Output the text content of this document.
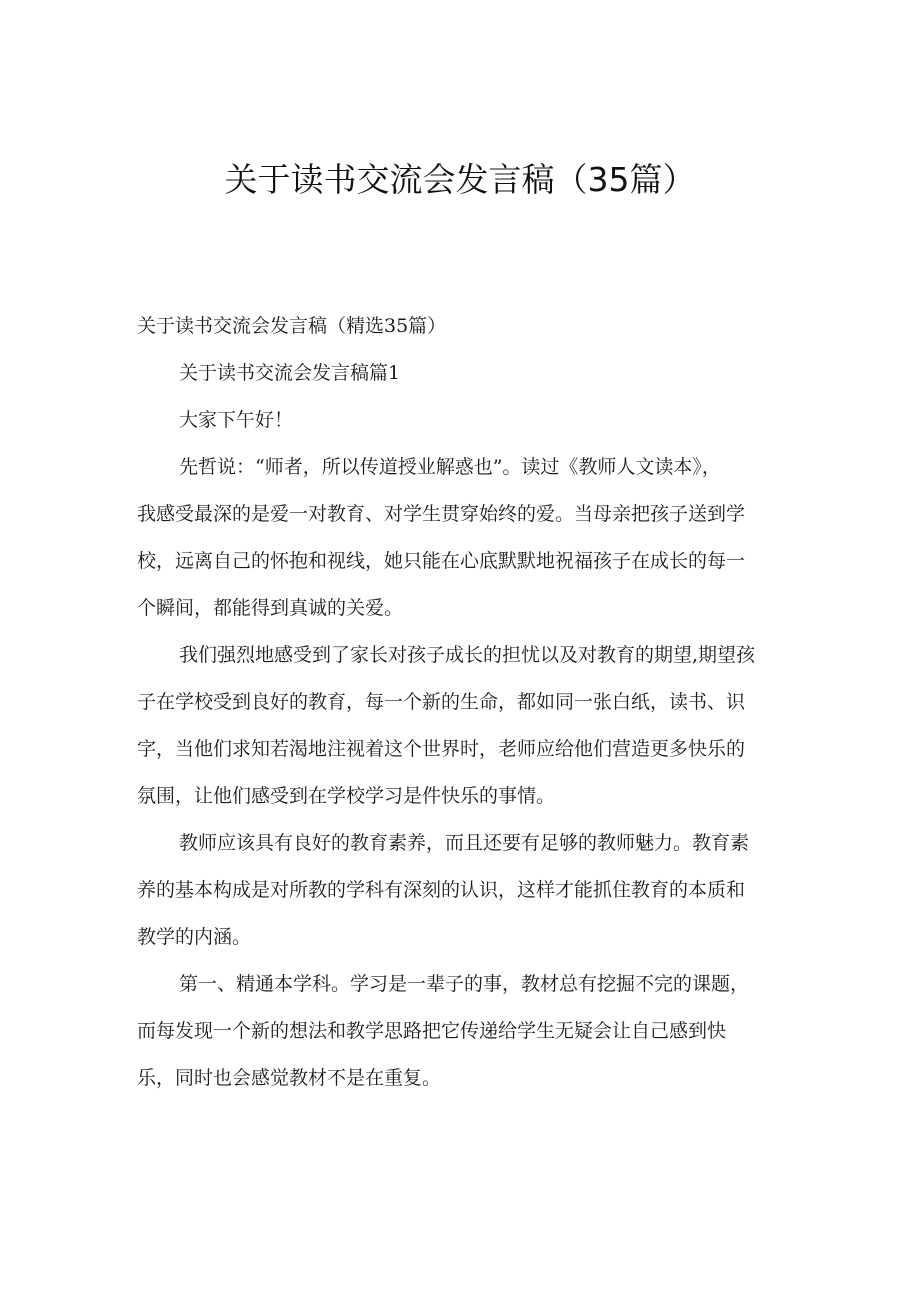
关于读书交流会发言稿（35篇）

关于读书交流会发言稿（精选35篇）

关于读书交流会发言稿篇1

大家下午好！

先哲说：“师者，所以传道授业解惑也”。读过《教师人文读本》，

我感受最深的是爱一对教育、对学生贯穿始终的爱。当母亲把孩子送到学

校，远离自己的怀抱和视线，她只能在心底默默地祝福孩子在成长的每一

个瞬间，都能得到真诚的关爱。

我们强烈地感受到了家长对孩子成长的担忧以及对教育的期望,期望孩

子在学校受到良好的教育，每一个新的生命，都如同一张白纸，读书、识

字，当他们求知若渴地注视着这个世界时，老师应给他们营造更多快乐的

氛围，让他们感受到在学校学习是件快乐的事情。

教师应该具有良好的教育素养，而且还要有足够的教师魅力。教育素

养的基本构成是对所教的学科有深刻的认识，这样才能抓住教育的本质和

教学的内涵。

第一、精通本学科。学习是一辈子的事，教材总有挖掘不完的课题，

而每发现一个新的想法和教学思路把它传递给学生无疑会让自己感到快

乐，同时也会感觉教材不是在重复。
